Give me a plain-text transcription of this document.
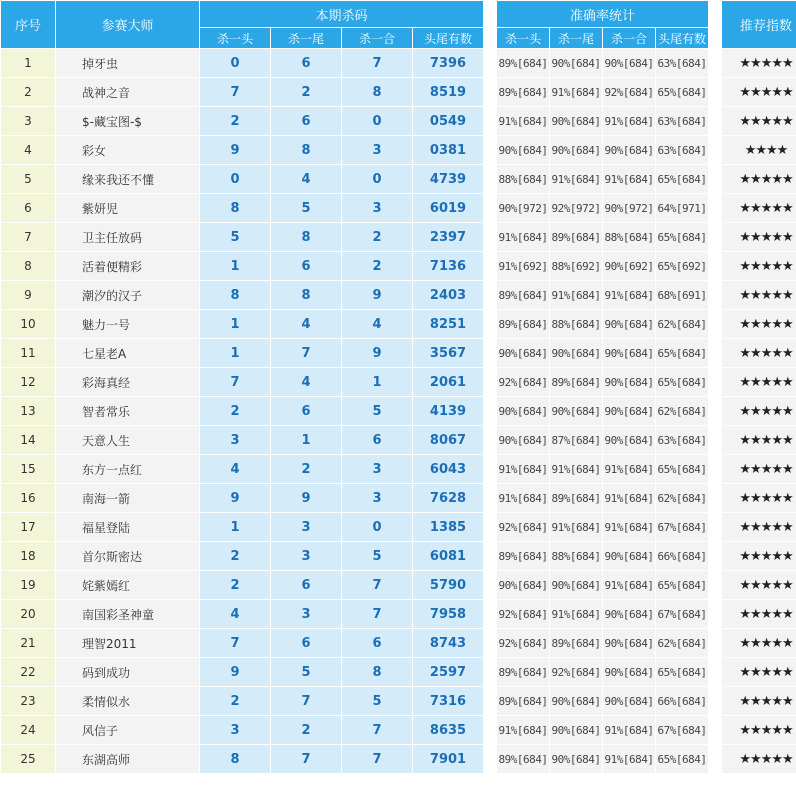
序号	参赛大师	本期杀码					准确率统计					推荐指数
		杀一头	杀一尾	杀一合	头尾有数		杀一头	杀一尾	杀一合	头尾有数		
1	掉牙虫	0	6	7	7396		89%[684]	90%[684]	90%[684]	63%[684]		★★★★★
2	战神之音	7	2	8	8519		89%[684]	91%[684]	92%[684]	65%[684]		★★★★★
3	$-藏宝图-$	2	6	0	0549		91%[684]	90%[684]	91%[684]	63%[684]		★★★★★
4	彩女	9	8	3	0381		90%[684]	90%[684]	90%[684]	63%[684]		★★★★
5	缘来我还不懂	0	4	0	4739		88%[684]	91%[684]	91%[684]	65%[684]		★★★★★
6	紫妍児	8	5	3	6019		90%[972]	92%[972]	90%[972]	64%[971]		★★★★★
7	卫主任放码	5	8	2	2397		91%[684]	89%[684]	88%[684]	65%[684]		★★★★★
8	活着便精彩	1	6	2	7136		91%[692]	88%[692]	90%[692]	65%[692]		★★★★★
9	潮汐的汉子	8	8	9	2403		89%[684]	91%[684]	91%[684]	68%[691]		★★★★★
10	魅力一号	1	4	4	8251		89%[684]	88%[684]	90%[684]	62%[684]		★★★★★
11	七星老A	1	7	9	3567		90%[684]	90%[684]	90%[684]	65%[684]		★★★★★
12	彩海真经	7	4	1	2061		92%[684]	89%[684]	90%[684]	65%[684]		★★★★★
13	智者常乐	2	6	5	4139		90%[684]	90%[684]	90%[684]	62%[684]		★★★★★
14	天意人生	3	1	6	8067		90%[684]	87%[684]	90%[684]	63%[684]		★★★★★
15	东方一点红	4	2	3	6043		91%[684]	91%[684]	91%[684]	65%[684]		★★★★★
16	南海一箭	9	9	3	7628		91%[684]	89%[684]	91%[684]	62%[684]		★★★★★
17	福星登陆	1	3	0	1385		92%[684]	91%[684]	91%[684]	67%[684]		★★★★★
18	首尔斯密达	2	3	5	6081		89%[684]	88%[684]	90%[684]	66%[684]		★★★★★
19	姹紫嫣红	2	6	7	5790		90%[684]	90%[684]	91%[684]	65%[684]		★★★★★
20	南国彩圣神童	4	3	7	7958		92%[684]	91%[684]	90%[684]	67%[684]		★★★★★
21	理智2011	7	6	6	8743		92%[684]	89%[684]	90%[684]	62%[684]		★★★★★
22	码到成功	9	5	8	2597		89%[684]	92%[684]	90%[684]	65%[684]		★★★★★
23	柔情似水	2	7	5	7316		89%[684]	90%[684]	90%[684]	66%[684]		★★★★★
24	风信子	3	2	7	8635		91%[684]	90%[684]	91%[684]	67%[684]		★★★★★
25	东湖高师	8	7	7	7901		89%[684]	90%[684]	91%[684]	65%[684]		★★★★★
